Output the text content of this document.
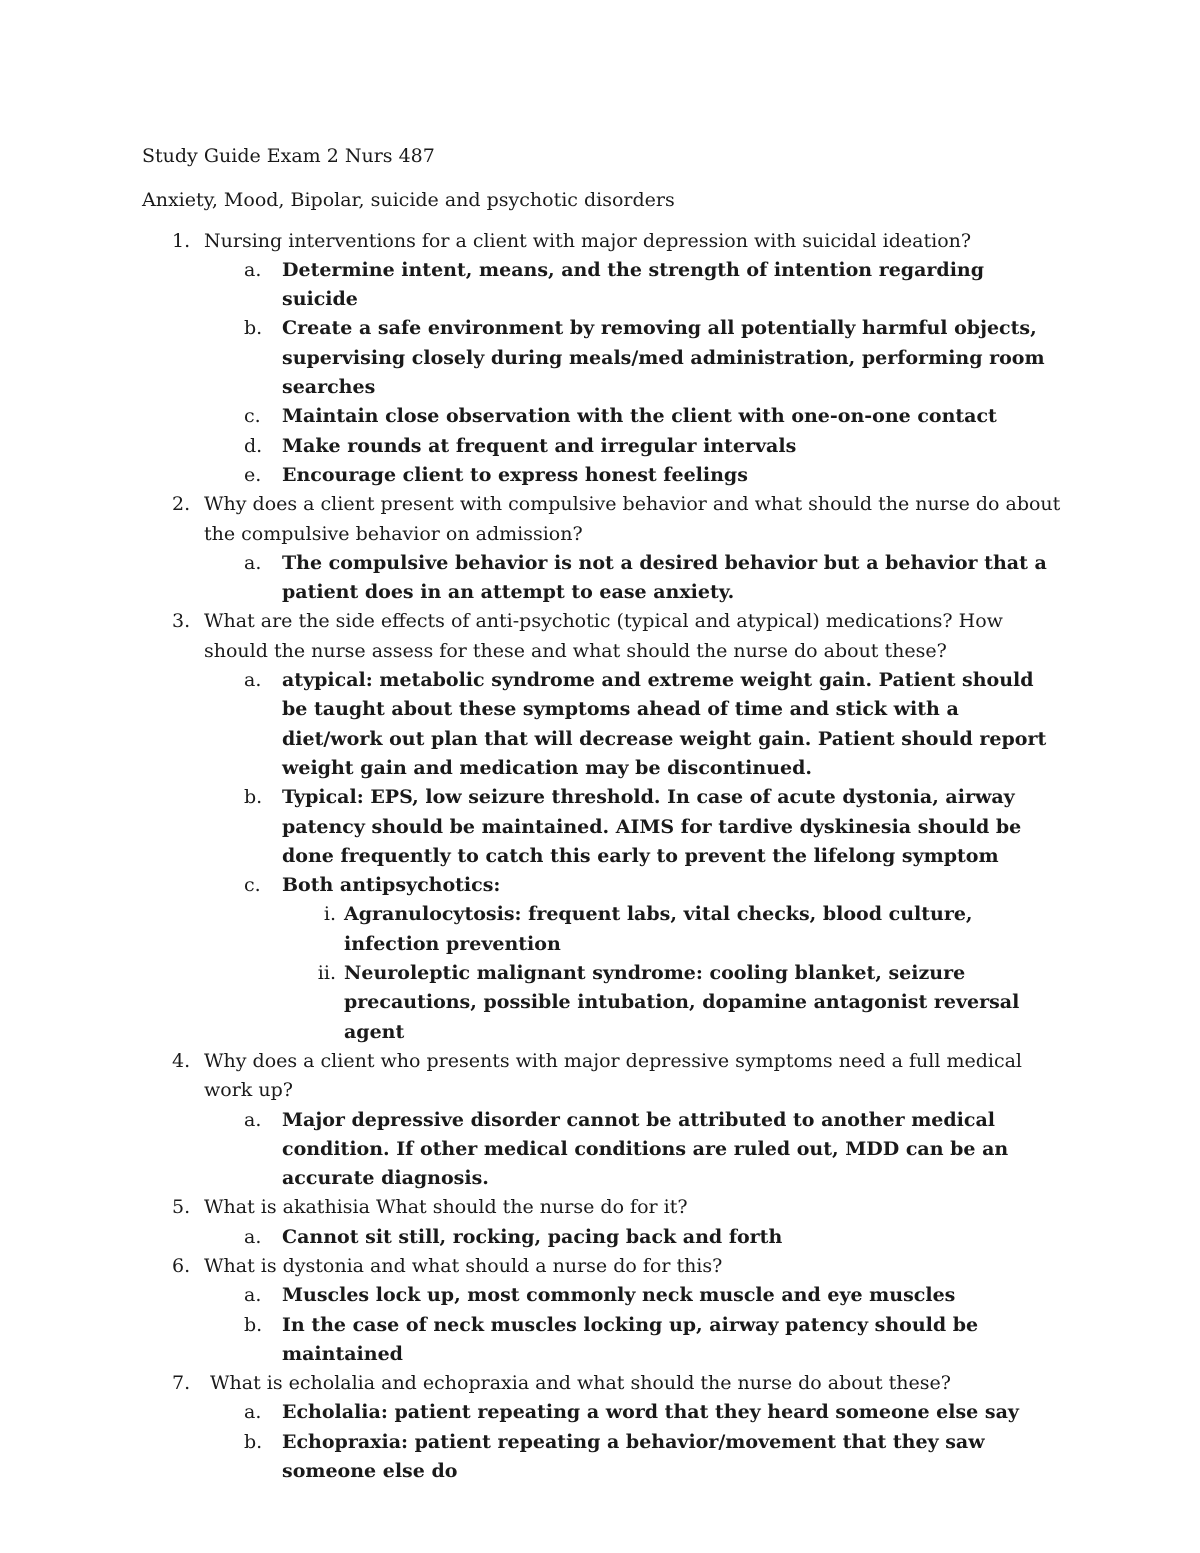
Study Guide Exam 2 Nurs 487

Anxiety, Mood, Bipolar, suicide and psychotic disorders

1. Nursing interventions for a client with major depression with suicidal ideation?
a.	Determine intent, means, and the strength of intention regarding suicide
b.	Create a safe environment by removing all potentially harmful objects, supervising closely during meals/med administration, performing room searches
c.	Maintain close observation with the client with one-on-one contact
d.	Make rounds at frequent and irregular intervals
e.	Encourage client to express honest feelings
2. Why does a client present with compulsive behavior and what should the nurse do about the compulsive behavior on admission?
a.	The compulsive behavior is not a desired behavior but a behavior that a patient does in an attempt to ease anxiety.
3. What are the side effects of anti-psychotic (typical and atypical) medications? How should the nurse assess for these and what should the nurse do about these?
a.	atypical: metabolic syndrome and extreme weight gain. Patient should be taught about these symptoms ahead of time and stick with a diet/work out plan that will decrease weight gain. Patient should report weight gain and medication may be discontinued.
b.	Typical: EPS, low seizure threshold. In case of acute dystonia, airway patency should be maintained. AIMS for tardive dyskinesia should be done frequently to catch this early to prevent the lifelong symptom
c.	Both antipsychotics:
i. Agranulocytosis: frequent labs, vital checks, blood culture, infection prevention
ii. Neuroleptic malignant syndrome: cooling blanket, seizure precautions, possible intubation, dopamine antagonist reversal agent
4. Why does a client who presents with major depressive symptoms need a full medical work up?
a.	Major depressive disorder cannot be attributed to another medical condition. If other medical conditions are ruled out, MDD can be an accurate diagnosis.
5. What is akathisia What should the nurse do for it?
a.	Cannot sit still, rocking, pacing back and forth
6. What is dystonia and what should a nurse do for this?
a.	Muscles lock up, most commonly neck muscle and eye muscles
b.	In the case of neck muscles locking up, airway patency should be maintained
7.	What is echolalia and echopraxia and what should the nurse do about these?
a.	Echolalia: patient repeating a word that they heard someone else say
b.	Echopraxia: patient repeating a behavior/movement that they saw someone else do
